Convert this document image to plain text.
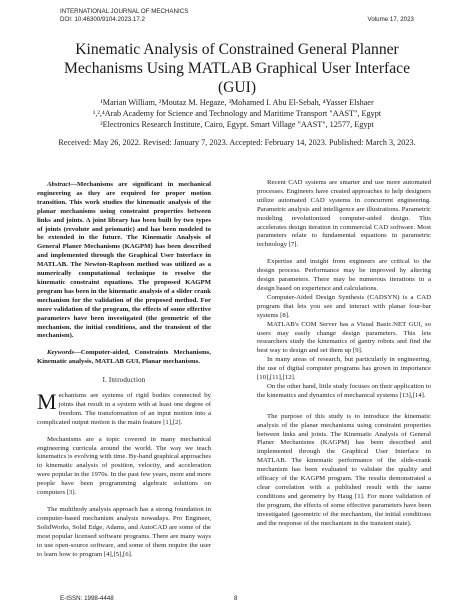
INTERNATIONAL JOURNAL OF MECHANICS
DOI: 10.46300/9104.2023.17.2	Volume 17, 2023
Kinematic Analysis of Constrained General Planner
Mechanisms Using MATLAB Graphical User Interface
(GUI)
¹Marian William, ²Moutaz M. Hegaze, ³Mohamed I. Abu El-Sebah, ⁴Yasser Elshaer
¹,²,⁴Arab Academy for Science and Technology and Maritime Transport "AAST", Egypt
³Electronics Research Institute, Cairo, Egypt. Smart Village "AAST", 12577, Egypt
Received: May 26, 2022. Revised: January 7, 2023. Accepted: February 14, 2023. Published: March 3, 2023.

Abstract—Mechanisms are significant in mechanical engineering as they are required for proper motion transition. This work studies the kinematic analysis of the planar mechanisms using constraint properties between links and joints. A joint library has been built by two types of joints (revolute and prismatic) and has been modeled to be extended in the future. The Kinematic Analysis of General Planer Mechanisms (KAGPM) has been described and implemented through the Graphical User Interface in MATLAB. The Newton-Raphson method was utilized as a numerically computational technique to resolve the kinematic constraint equations. The proposed KAGPM program has been in the kinematic analysis of a slider crank mechanism for the validation of the proposed method. For more validation of the program, the effects of some effective parameters have been investigated (the geometric of the mechanism, the initial conditions, and the transient of the mechanism).

Keywords—Computer-aided, Constraints Mechanisms, Kinematic analysis, MATLAB GUI, Planar mechanisms.

I. Introduction

Mechanisms are systems of rigid bodies connected by joints that result in a system with at least one degree of freedom. The transformation of an input motion into a complicated output motion is the main feature [1],[2].

Mechanisms are a topic covered in many mechanical engineering curricula around the world. The way we teach kinematics is evolving with time. By-hand graphical approaches to kinematic analysis of position, velocity, and acceleration were popular in the 1970s. In the past few years, more and more people have been programming algebraic solutions on computers [3].

The multibody analysis approach has a strong foundation in computer-based mechanism analysis nowadays. Pro Engineer, SolidWorks, Solid Edge, Adams, and AutoCAD are some of the most popular licensed software programs. There are many ways to use open-source software, and some of them require the user to learn how to program [4],[5],[6].

Recent CAD systems are smarter and use more automated processes. Engineers have created approaches to help designers utilize automated CAD systems in concurrent engineering. Parametric analysis and intelligence are illustrations. Parametric modeling revolutionized computer-aided design. This accelerates design iteration in commercial CAD software. Most parameters relate to fundamental equations in parametric technology [7].

Expertise and insight from engineers are critical to the design process. Performance may be improved by altering design parameters. There may be numerous iterations in a design based on experience and calculations.

Computer-Aided Design Synthesis (CADSYN) is a CAD program that lets you see and interact with planar four-bar systems [8].

MATLAB's COM Server has a Visual Basic.NET GUI, so users may easily change design parameters. This lets researchers study the kinematics of gantry robots and find the best way to design and set them up [9].

In many areas of research, but particularly in engineering, the use of digital computer programs has grown in importance [10],[11],[12].

On the other hand, little study focuses on their application to the kinematics and dynamics of mechanical systems [13],[14].

The purpose of this study is to introduce the kinematic analysis of the planar mechanisms using constraint properties between links and joints. The Kinematic Analysis of General Planer Mechanisms (KAGPM) has been described and implemented through the Graphical User Interface in MATLAB. The kinematic performance of the slide-crank mechanism has been evaluated to validate the quality and efficacy of the KAGPM program. The results demonstrated a clear correlation with a published result with the same conditions and geometry by Haug [1]. For more validation of the program, the effects of some effective parameters have been investigated (geometric of the mechanism, the initial conditions and the response of the mechanism in the transient state).

E-ISSN: 1998-4448	8
